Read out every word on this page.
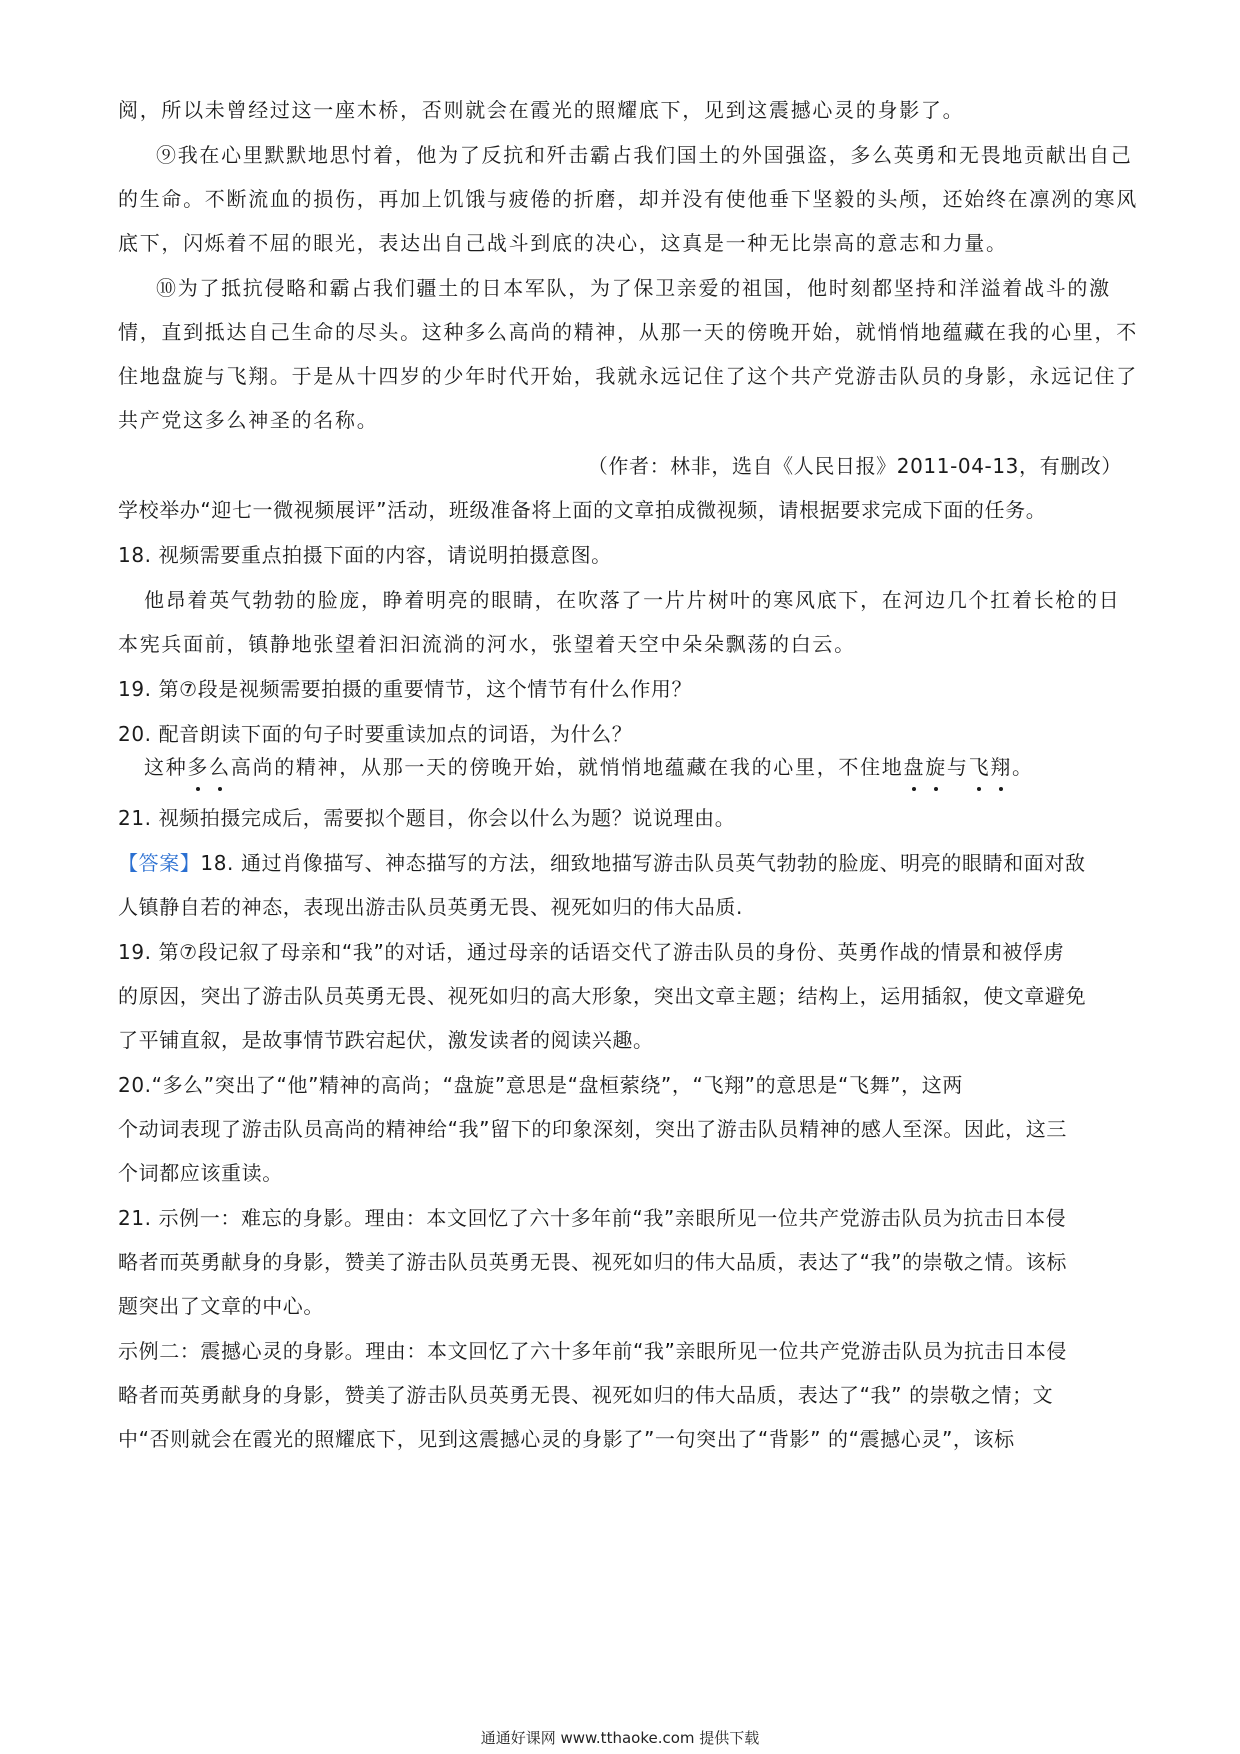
阅，所以未曾经过这一座木桥，否则就会在霞光的照耀底下，见到这震撼心灵的身影了。
⑨我在心里默默地思忖着，他为了反抗和歼击霸占我们国土的外国强盗，多么英勇和无畏地贡献出自己
的生命。不断流血的损伤，再加上饥饿与疲倦的折磨，却并没有使他垂下坚毅的头颅，还始终在凛冽的寒风
底下，闪烁着不屈的眼光，表达出自己战斗到底的决心，这真是一种无比崇高的意志和力量。
⑩为了抵抗侵略和霸占我们疆土的日本军队，为了保卫亲爱的祖国，他时刻都坚持和洋溢着战斗的激
情，直到抵达自己生命的尽头。这种多么高尚的精神，从那一天的傍晚开始，就悄悄地蕴藏在我的心里，不
住地盘旋与飞翔。于是从十四岁的少年时代开始，我就永远记住了这个共产党游击队员的身影，永远记住了
共产党这多么神圣的名称。
（作者：林非，选自《人民日报》2011-04-13，有删改）
学校举办“迎七一微视频展评”活动，班级准备将上面的文章拍成微视频，请根据要求完成下面的任务。
18. 视频需要重点拍摄下面的内容，请说明拍摄意图。
他昂着英气勃勃的脸庞，睁着明亮的眼睛，在吹落了一片片树叶的寒风底下，在河边几个扛着长枪的日
本宪兵面前，镇静地张望着汩汩流淌的河水，张望着天空中朵朵飘荡的白云。
19. 第⑦段是视频需要拍摄的重要情节，这个情节有什么作用？
20. 配音朗读下面的句子时要重读加点的词语，为什么？
这种多么高尚的精神，从那一天的傍晚开始，就悄悄地蕴藏在我的心里，不住地盘旋与飞翔。
21. 视频拍摄完成后，需要拟个题目，你会以什么为题？说说理由。
【答案】18. 通过肖像描写、神态描写的方法，细致地描写游击队员英气勃勃的脸庞、明亮的眼睛和面对敌
人镇静自若的神态，表现出游击队员英勇无畏、视死如归的伟大品质.
19. 第⑦段记叙了母亲和“我”的对话，通过母亲的话语交代了游击队员的身份、英勇作战的情景和被俘虏
的原因，突出了游击队员英勇无畏、视死如归的高大形象，突出文章主题；结构上，运用插叙，使文章避免
了平铺直叙，是故事情节跌宕起伏，激发读者的阅读兴趣。
20.“多么”突出了“他”精神的高尚；“盘旋”意思是“盘桓萦绕”，“飞翔”的意思是“飞舞”，这两
个动词表现了游击队员高尚的精神给“我”留下的印象深刻，突出了游击队员精神的感人至深。因此，这三
个词都应该重读。
21. 示例一：难忘的身影。理由：本文回忆了六十多年前“我”亲眼所见一位共产党游击队员为抗击日本侵
略者而英勇献身的身影，赞美了游击队员英勇无畏、视死如归的伟大品质，表达了“我”的崇敬之情。该标
题突出了文章的中心。
示例二：震撼心灵的身影。理由：本文回忆了六十多年前“我”亲眼所见一位共产党游击队员为抗击日本侵
略者而英勇献身的身影，赞美了游击队员英勇无畏、视死如归的伟大品质，表达了“我” 的崇敬之情；文
中“否则就会在霞光的照耀底下，见到这震撼心灵的身影了”一句突出了“背影” 的“震撼心灵”，该标
通通好课网 www.tthaoke.com 提供下载
